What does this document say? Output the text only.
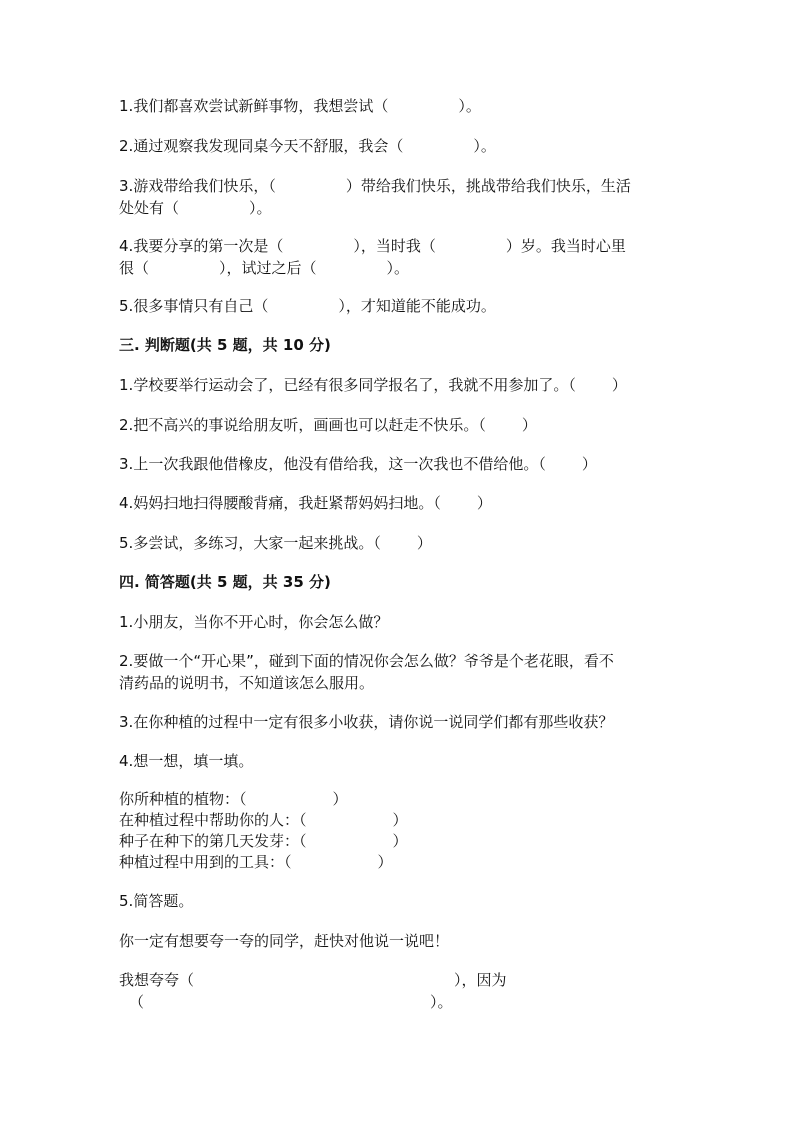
1.我们都喜欢尝试新鲜事物，我想尝试（	）。
2.通过观察我发现同桌今天不舒服，我会（	）。
3.游戏带给我们快乐，（	）带给我们快乐，挑战带给我们快乐，生活
处处有（	）。
4.我要分享的第一次是（	），当时我（	）岁。我当时心里
很（	），试过之后（	）。
5.很多事情只有自己（	），才知道能不能成功。
三. 判断题(共 5 题，共 10 分)
1.学校要举行运动会了，已经有很多同学报名了，我就不用参加了。（ ）
2.把不高兴的事说给朋友听，画画也可以赶走不快乐。（ ）
3.上一次我跟他借橡皮，他没有借给我，这一次我也不借给他。（ ）
4.妈妈扫地扫得腰酸背痛，我赶紧帮妈妈扫地。（ ）
5.多尝试，多练习，大家一起来挑战。（ ）
四. 简答题(共 5 题，共 35 分)
1.小朋友，当你不开心时，你会怎么做？
2.要做一个“开心果”，碰到下面的情况你会怎么做？爷爷是个老花眼，看不
清药品的说明书，不知道该怎么服用。
3.在你种植的过程中一定有很多小收获，请你说一说同学们都有那些收获？
4.想一想，填一填。
你所种植的植物：（	）
在种植过程中帮助你的人：（	）
种子在种下的第几天发芽：（	）
种植过程中用到的工具：（	）
5.简答题。
你一定有想要夸一夸的同学，赶快对他说一说吧！
我想夸夸（	），因为
（	）。
